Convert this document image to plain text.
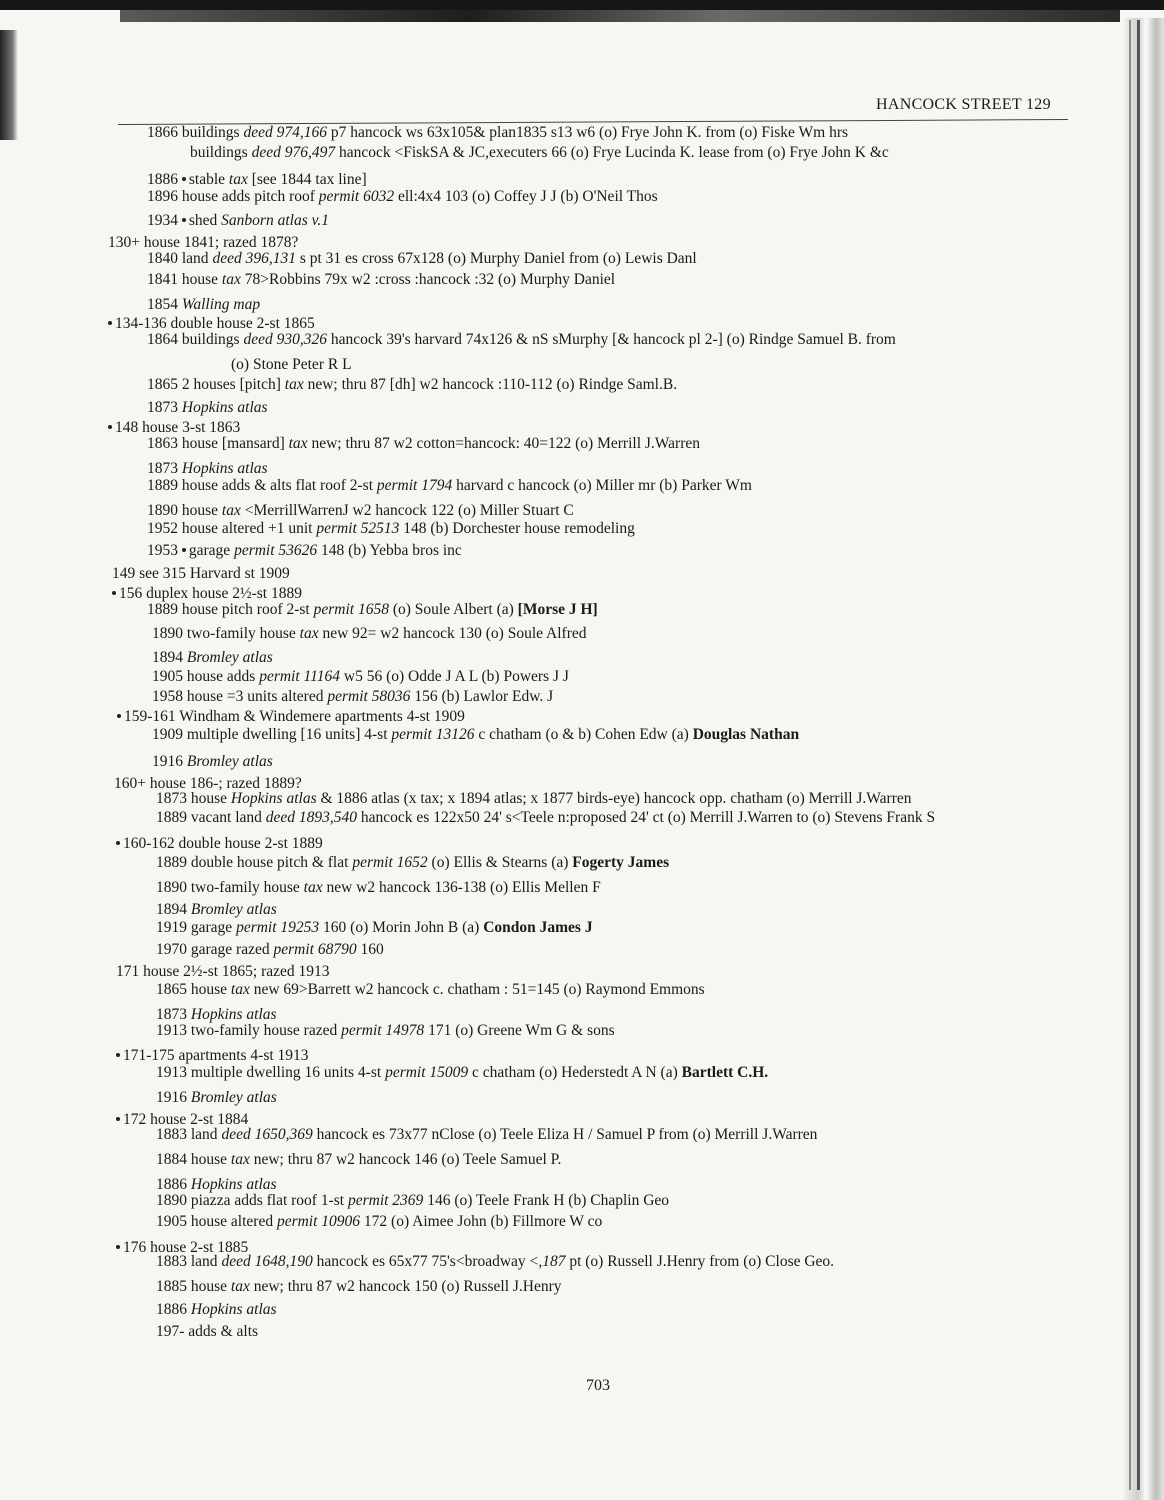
HANCOCK STREET 129
1866 buildings deed 974,166 p7 hancock ws 63x105& plan1835 s13 w6 (o) Frye John K. from (o) Fiske Wm hrs
buildings deed 976,497 hancock <FiskSA & JC,executers 66 (o) Frye Lucinda K. lease from (o) Frye John K &c
1886 stable tax [see 1844 tax line]
1896 house adds pitch roof permit 6032 ell:4x4 103 (o) Coffey J J (b) O'Neil Thos
1934 shed Sanborn atlas v.1
130+ house 1841; razed 1878?
1840 land deed 396,131 s pt 31 es cross 67x128 (o) Murphy Daniel from (o) Lewis Danl
1841 house tax 78>Robbins 79x w2 :cross :hancock :32 (o) Murphy Daniel
1854 Walling map
134-136 double house 2-st 1865
1864 buildings deed 930,326 hancock 39's harvard 74x126 & nS sMurphy [& hancock pl 2-] (o) Rindge Samuel B. from
(o) Stone Peter R L
1865 2 houses [pitch] tax new; thru 87 [dh] w2 hancock :110-112 (o) Rindge Saml.B.
1873 Hopkins atlas
148 house 3-st 1863
1863 house [mansard] tax new; thru 87 w2 cotton=hancock: 40=122 (o) Merrill J.Warren
1873 Hopkins atlas
1889 house adds & alts flat roof 2-st permit 1794 harvard c hancock (o) Miller mr (b) Parker Wm
1890 house tax <MerrillWarrenJ w2 hancock 122 (o) Miller Stuart C
1952 house altered +1 unit permit 52513 148 (b) Dorchester house remodeling
1953 garage permit 53626 148 (b) Yebba bros inc
149 see 315 Harvard st 1909
156 duplex house 2½-st 1889
1889 house pitch roof 2-st permit 1658 (o) Soule Albert (a) [Morse J H]
1890 two-family house tax new 92= w2 hancock 130 (o) Soule Alfred
1894 Bromley atlas
1905 house adds permit 11164 w5 56 (o) Odde J A L (b) Powers J J
1958 house =3 units altered permit 58036 156 (b) Lawlor Edw. J
159-161 Windham & Windemere apartments 4-st 1909
1909 multiple dwelling [16 units] 4-st permit 13126 c chatham (o & b) Cohen Edw (a) Douglas Nathan
1916 Bromley atlas
160+ house 186-; razed 1889?
1873 house Hopkins atlas & 1886 atlas (x tax; x 1894 atlas; x 1877 birds-eye) hancock opp. chatham (o) Merrill J.Warren
1889 vacant land deed 1893,540 hancock es 122x50 24' s<Teele n:proposed 24' ct (o) Merrill J.Warren to (o) Stevens Frank S
160-162 double house 2-st 1889
1889 double house pitch & flat permit 1652 (o) Ellis & Stearns (a) Fogerty James
1890 two-family house tax new w2 hancock 136-138 (o) Ellis Mellen F
1894 Bromley atlas
1919 garage permit 19253 160 (o) Morin John B (a) Condon James J
1970 garage razed permit 68790 160
171 house 2½-st 1865; razed 1913
1865 house tax new 69>Barrett w2 hancock c. chatham : 51=145 (o) Raymond Emmons
1873 Hopkins atlas
1913 two-family house razed permit 14978 171 (o) Greene Wm G & sons
171-175 apartments 4-st 1913
1913 multiple dwelling 16 units 4-st permit 15009 c chatham (o) Hederstedt A N (a) Bartlett C.H.
1916 Bromley atlas
172 house 2-st 1884
1883 land deed 1650,369 hancock es 73x77 nClose (o) Teele Eliza H / Samuel P from (o) Merrill J.Warren
1884 house tax new; thru 87 w2 hancock 146 (o) Teele Samuel P.
1886 Hopkins atlas
1890 piazza adds flat roof 1-st permit 2369 146 (o) Teele Frank H (b) Chaplin Geo
1905 house altered permit 10906 172 (o) Aimee John (b) Fillmore W co
176 house 2-st 1885
1883 land deed 1648,190 hancock es 65x77 75's<broadway <,187 pt (o) Russell J.Henry from (o) Close Geo.
1885 house tax new; thru 87 w2 hancock 150 (o) Russell J.Henry
1886 Hopkins atlas
197- adds & alts
703
